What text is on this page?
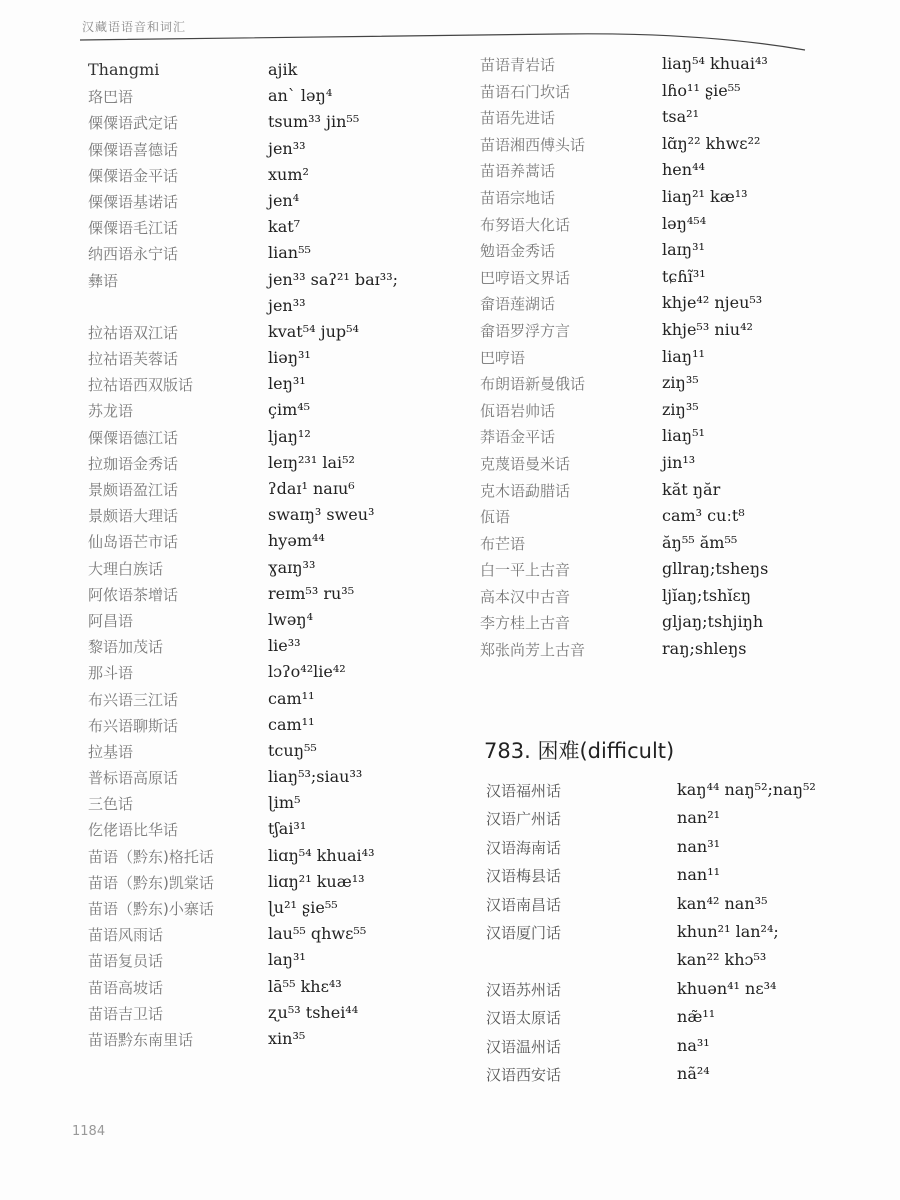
汉藏语语音和词汇
Thangmi	ajik
珞巴语	anˋ ləŋ⁴
傈僳语武定话	tsum³³ jin⁵⁵
傈僳语喜德话	jen³³
傈僳语金平话	xum²
傈僳语基诺话	jen⁴
傈僳语毛江话	kat⁷
纳西语永宁话	lian⁵⁵
彝语	jen³³ saʔ²¹ baɪ³³;
jen³³
拉祜语双江话	kvat⁵⁴ jup⁵⁴
拉祜语芙蓉话	liəŋ³¹
拉祜语西双版话	leŋ³¹
苏龙语	çim⁴⁵
傈僳语德江话	ljaŋ¹²
拉珈语金秀话	leɪŋ²³¹ lai⁵²
景颇语盈江话	ʔdaɪ¹ naɪu⁶
景颇语大理话	swaɪŋ³ sweu³
仙岛语芒市话	hyəm⁴⁴
大理白族话	ɣaɪŋ³³
阿侬语茶增话	reɪm⁵³ ru³⁵
阿昌语	lwəŋ⁴
黎语加茂话	lie³³
那斗语	lɔʔo⁴²lie⁴²
布兴语三江话	cam¹¹
布兴语聊斯话	cam¹¹
拉基语	tcuŋ⁵⁵
普标语高原话	liaŋ⁵³;siau³³
三色话	ɭim⁵
仡佬语比华话	tʃai³¹
苗语（黔东)格托话	liɑŋ⁵⁴ khuai⁴³
苗语（黔东)凯棠话	liɑŋ²¹ kuæ¹³
苗语（黔东)小寨话	ɭu²¹ ʂie⁵⁵
苗语风雨话	lau⁵⁵ qhwɛ⁵⁵
苗语复员话	laŋ³¹
苗语高坡话	lā⁵⁵ khɛ⁴³
苗语吉卫话	ʐu⁵³ tshei⁴⁴
苗语黔东南里话	xin³⁵
苗语青岩话	liaŋ⁵⁴ khuai⁴³
苗语石门坎话	lɦo¹¹ ʂie⁵⁵
苗语先进话	tsa²¹
苗语湘西傅头话	lɑ̃ŋ²² khwɛ²²
苗语养蒿话	hen⁴⁴
苗语宗地话	liaŋ²¹ kæ¹³
布努语大化话	ləŋ⁴⁵⁴
勉语金秀话	laɪŋ³¹
巴哼语文界话	tɕɦĩ³¹
畲语莲湖话	khje⁴² njeu⁵³
畲语罗浮方言	khje⁵³ niu⁴²
巴哼语	liaŋ¹¹
布朗语新曼俄话	ziŋ³⁵
佤语岩帅话	ziŋ³⁵
莽语金平话	liaŋ⁵¹
克蔑语曼米话	jin¹³
克木语勐腊话	kăt ŋăr
佤语	cam³ cuːt⁸
布芒语	ăŋ⁵⁵ ăm⁵⁵
白一平上古音	gllraŋ;tsheŋs
高本汉中古音	ljĭaŋ;tshĭɛŋ
李方桂上古音	gljaŋ;tshjiŋh
郑张尚芳上古音	raŋ;shleŋs
783. 困难(difficult)
汉语福州话	kaŋ⁴⁴ naŋ⁵²;naŋ⁵²
汉语广州话	nan²¹
汉语海南话	nan³¹
汉语梅县话	nan¹¹
汉语南昌话	kan⁴² nan³⁵
汉语厦门话	khun²¹ lan²⁴;
kan²² khɔ⁵³
汉语苏州话	khuən⁴¹ nɛ³⁴
汉语太原话	næ̃¹¹
汉语温州话	na³¹
汉语西安话	nã²⁴
1184
